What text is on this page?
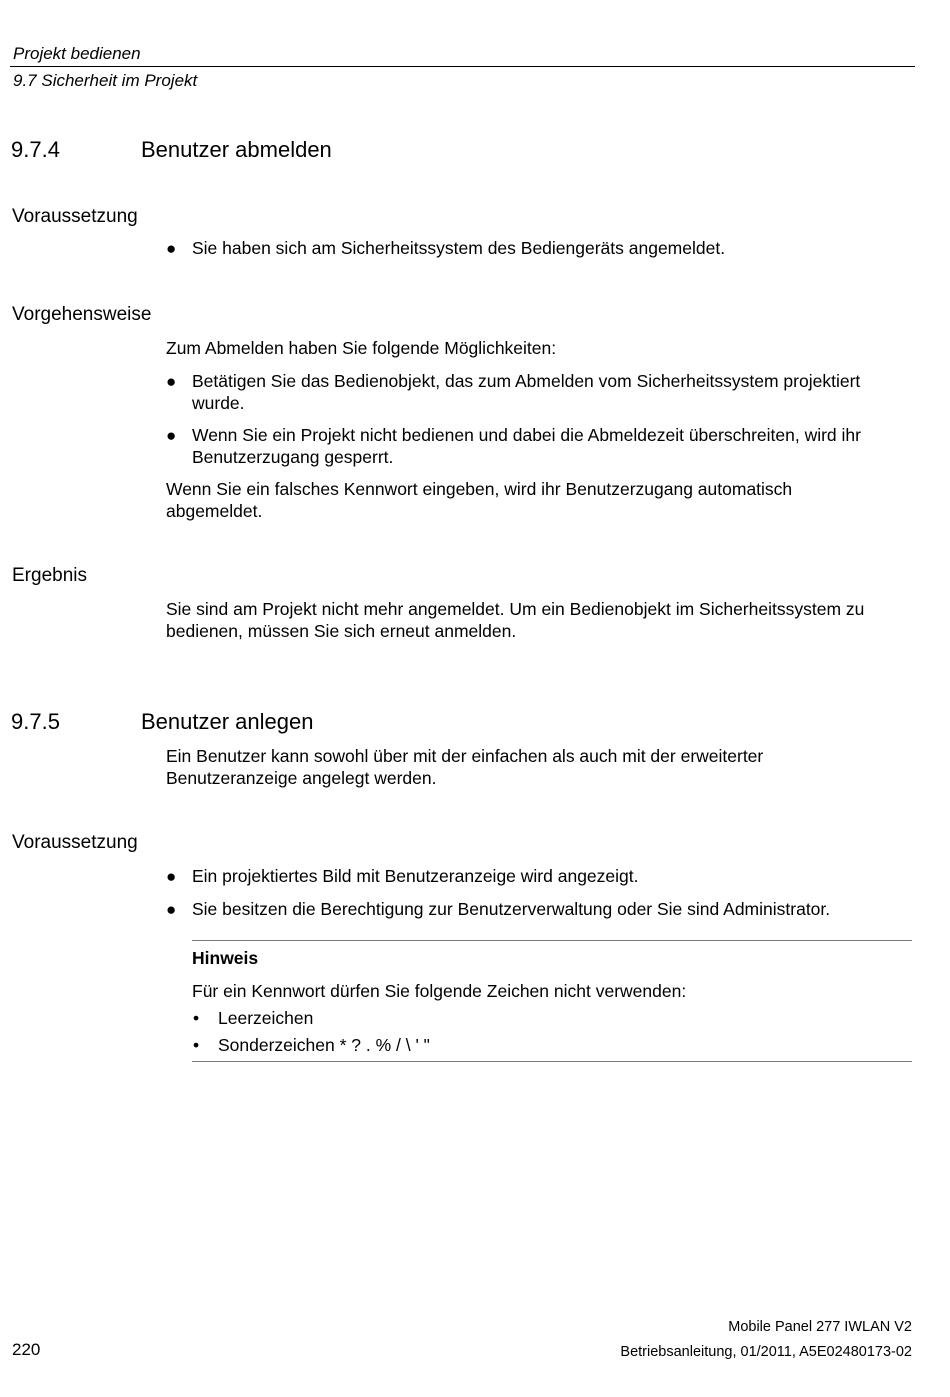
Projekt bedienen
9.7 Sicherheit im Projekt
9.7.4	Benutzer abmelden
Voraussetzung
● Sie haben sich am Sicherheitssystem des Bediengeräts angemeldet.
Vorgehensweise
Zum Abmelden haben Sie folgende Möglichkeiten:
● Betätigen Sie das Bedienobjekt, das zum Abmelden vom Sicherheitssystem projektiert
wurde.
● Wenn Sie ein Projekt nicht bedienen und dabei die Abmeldezeit überschreiten, wird ihr
Benutzerzugang gesperrt.
Wenn Sie ein falsches Kennwort eingeben, wird ihr Benutzerzugang automatisch
abgemeldet.
Ergebnis
Sie sind am Projekt nicht mehr angemeldet. Um ein Bedienobjekt im Sicherheitssystem zu
bedienen, müssen Sie sich erneut anmelden.
9.7.5	Benutzer anlegen
Ein Benutzer kann sowohl über mit der einfachen als auch mit der erweiterter
Benutzeranzeige angelegt werden.
Voraussetzung
● Ein projektiertes Bild mit Benutzeranzeige wird angezeigt.
● Sie besitzen die Berechtigung zur Benutzerverwaltung oder Sie sind Administrator.
Hinweis
Für ein Kennwort dürfen Sie folgende Zeichen nicht verwenden:
• Leerzeichen
• Sonderzeichen * ? . % / \ ' "
Mobile Panel 277 IWLAN V2
220	Betriebsanleitung, 01/2011, A5E02480173-02
